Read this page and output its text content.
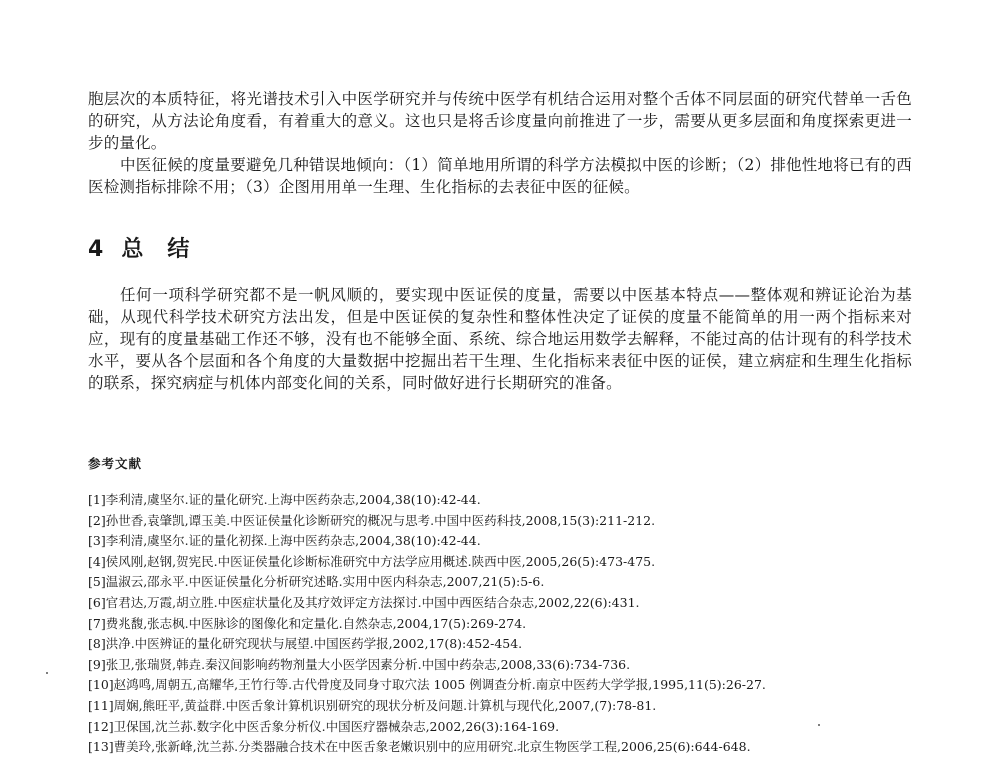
胞层次的本质特征，将光谱技术引入中医学研究并与传统中医学有机结合运用对整个舌体不同层面的研究代替单一舌色的研究，从方法论角度看，有着重大的意义。这也只是将舌诊度量向前推进了一步，需要从更多层面和角度探索更进一步的量化。
中医征候的度量要避免几种错误地倾向：（1）简单地用所谓的科学方法模拟中医的诊断；（2）排他性地将已有的西医检测指标排除不用；（3）企图用用单一生理、生化指标的去表征中医的征候。
4 总 结
任何一项科学研究都不是一帆风顺的，要实现中医证侯的度量，需要以中医基本特点——整体观和辨证论治为基础，从现代科学技术研究方法出发，但是中医证侯的复杂性和整体性决定了证侯的度量不能简单的用一两个指标来对应，现有的度量基础工作还不够，没有也不能够全面、系统、综合地运用数学去解释，不能过高的估计现有的科学技术水平，要从各个层面和各个角度的大量数据中挖掘出若干生理、生化指标来表征中医的证侯，建立病症和生理生化指标的联系，探究病症与机体内部变化间的关系，同时做好进行长期研究的准备。
参考文献
[1]李利清,虞坚尔.证的量化研究.上海中医药杂志,2004,38(10):42-44.
[2]孙世香,袁肇凯,谭玉美.中医证侯量化诊断研究的概况与思考.中国中医药科技,2008,15(3):211-212.
[3]李利清,虞坚尔.证的量化初探.上海中医药杂志,2004,38(10):42-44.
[4]侯风刚,赵钢,贺宪民.中医证侯量化诊断标准研究中方法学应用概述.陕西中医,2005,26(5):473-475.
[5]温淑云,邵永平.中医证侯量化分析研究述略.实用中医内科杂志,2007,21(5):5-6.
[6]官君达,万霞,胡立胜.中医症状量化及其疗效评定方法探讨.中国中西医结合杂志,2002,22(6):431.
[7]费兆馥,张志枫.中医脉诊的图像化和定量化.自然杂志,2004,17(5):269-274.
[8]洪净.中医辨证的量化研究现状与展望.中国医药学报,2002,17(8):452-454.
[9]张卫,张瑞贤,韩垚.秦汉间影响药物剂量大小医学因素分析.中国中药杂志,2008,33(6):734-736.
[10]赵鸿鸣,周朝五,高耀华,王竹行等.古代骨度及同身寸取穴法 1005 例调查分析.南京中医药大学学报,1995,11(5):26-27.
[11]周娴,熊旺平,黄益群.中医舌象计算机识别研究的现状分析及问题.计算机与现代化,2007,(7):78-81.
[12]卫保国,沈兰荪.数字化中医舌象分析仪.中国医疗器械杂志,2002,26(3):164-169.
[13]曹美玲,张新峰,沈兰荪.分类器融合技术在中医舌象老嫩识别中的应用研究.北京生物医学工程,2006,25(6):644-648.
